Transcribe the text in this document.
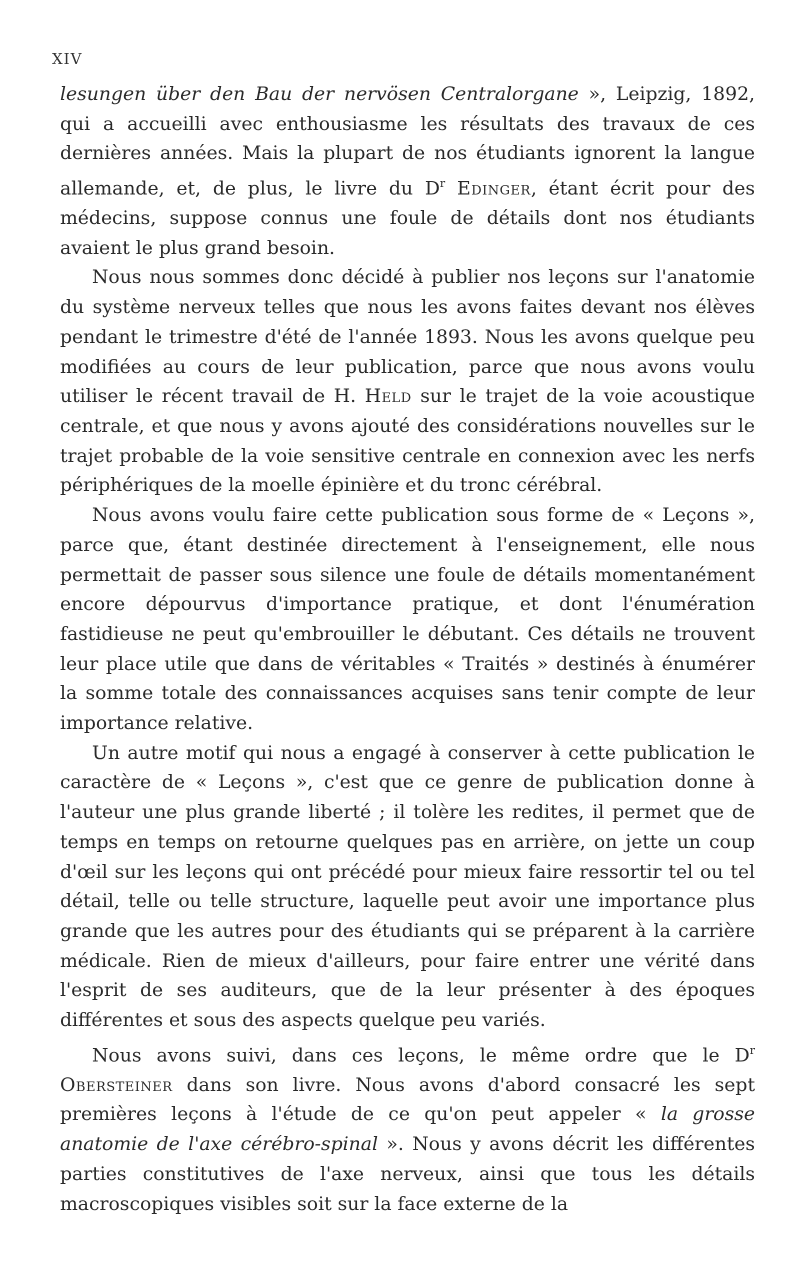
XIV

lesungen über den Bau der nervösen Centralorgane », Leipzig, 1892, qui a accueilli avec enthousiasme les résultats des travaux de ces dernières années. Mais la plupart de nos étudiants ignorent la langue allemande, et, de plus, le livre du $D^r$ Edinger, étant écrit pour des médecins, suppose connus une foule de détails dont nos étudiants avaient le plus grand besoin.

Nous nous sommes donc décidé à publier nos leçons sur l'anatomie du système nerveux telles que nous les avons faites devant nos élèves pendant le trimestre d'été de l'année 1893. Nous les avons quelque peu modifiées au cours de leur publication, parce que nous avons voulu utiliser le récent travail de H. Held sur le trajet de la voie acoustique centrale, et que nous y avons ajouté des considérations nouvelles sur le trajet probable de la voie sensitive centrale en connexion avec les nerfs périphériques de la moelle épinière et du tronc cérébral.

Nous avons voulu faire cette publication sous forme de « Leçons », parce que, étant destinée directement à l'enseignement, elle nous permettait de passer sous silence une foule de détails momentanément encore dépourvus d'importance pratique, et dont l'énumération fastidieuse ne peut qu'embrouiller le débutant. Ces détails ne trouvent leur place utile que dans de véritables « Traités » destinés à énumérer la somme totale des connaissances acquises sans tenir compte de leur importance relative.

Un autre motif qui nous a engagé à conserver à cette publication le caractère de « Leçons », c'est que ce genre de publication donne à l'auteur une plus grande liberté ; il tolère les redites, il permet que de temps en temps on retourne quelques pas en arrière, on jette un coup d'œil sur les leçons qui ont précédé pour mieux faire ressortir tel ou tel détail, telle ou telle structure, laquelle peut avoir une importance plus grande que les autres pour des étudiants qui se préparent à la carrière médicale. Rien de mieux d'ailleurs, pour faire entrer une vérité dans l'esprit de ses auditeurs, que de la leur présenter à des époques différentes et sous des aspects quelque peu variés.

Nous avons suivi, dans ces leçons, le même ordre que le $D^r$ Obersteiner dans son livre. Nous avons d'abord consacré les sept premières leçons à l'étude de ce qu'on peut appeler « la grosse anatomie de l'axe cérébro-spinal ». Nous y avons décrit les différentes parties constitutives de l'axe nerveux, ainsi que tous les détails macroscopiques visibles soit sur la face externe de la
